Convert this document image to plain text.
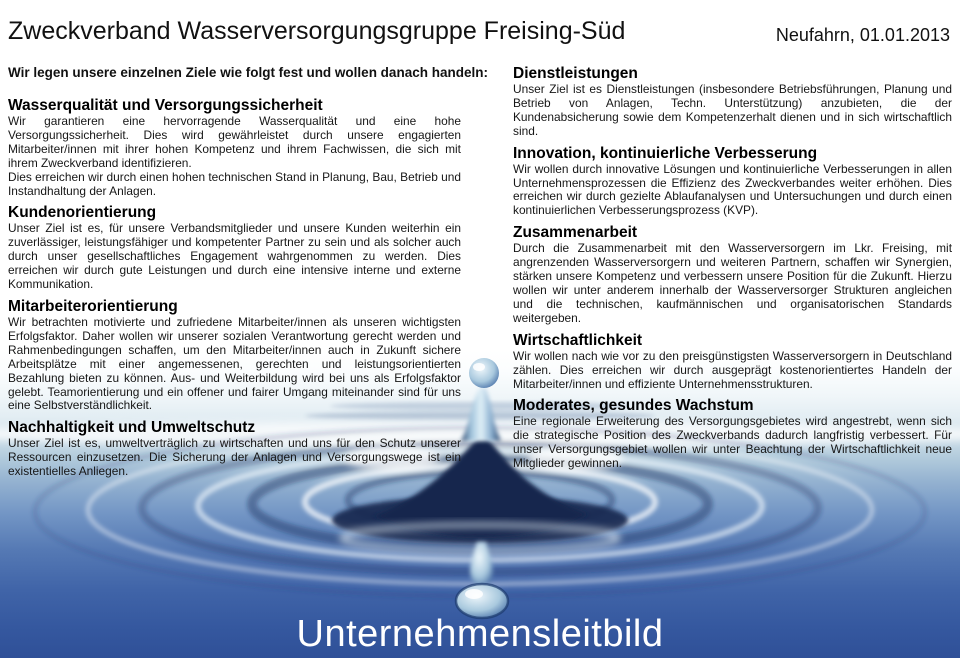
Zweckverband Wasserversorgungsgruppe Freising-Süd	Neufahrn, 01.01.2013
Wir legen unsere einzelnen Ziele wie folgt fest und wollen danach handeln:
Unternehmensleitbild
Wasserqualität und Versorgungssicherheit

Wir garantieren eine hervorragende Wasserqualität und eine hohe Versorgungssicherheit. Dies wird gewährleistet durch unsere engagierten Mitarbeiter/innen mit ihrer hohen Kompetenz und ihrem Fachwissen, die sich mit ihrem Zweckverband identifizieren.

Dies erreichen wir durch einen hohen technischen Stand in Planung, Bau, Betrieb und Instandhaltung der Anlagen.

Kundenorientierung

Unser Ziel ist es, für unsere Verbandsmitglieder und unsere Kunden weiterhin ein zuverlässiger, leistungsfähiger und kompetenter Partner zu sein und als solcher auch durch unser gesellschaftliches Engagement wahrgenommen zu werden. Dies erreichen wir durch gute Leistungen und durch eine intensive interne und externe Kommunikation.

Mitarbeiterorientierung

Wir betrachten motivierte und zufriedene Mitarbeiter/innen als unseren wichtigsten Erfolgsfaktor. Daher wollen wir unserer sozialen Verantwortung gerecht werden und Rahmenbedingungen schaffen, um den Mitarbeiter/innen auch in Zukunft sichere Arbeitsplätze mit einer angemessenen, gerechten und leistungsorientierten Bezahlung bieten zu können. Aus- und Weiterbildung wird bei uns als Erfolgsfaktor gelebt. Teamorientierung und ein offener und fairer Umgang miteinander sind für uns eine Selbstverständlichkeit.

Nachhaltigkeit und Umweltschutz

Unser Ziel ist es, umweltverträglich zu wirtschaften und uns für den Schutz unserer Ressourcen einzusetzen. Die Sicherung der Anlagen und Versorgungswege ist ein existentielles Anliegen.

Dienstleistungen

Unser Ziel ist es Dienstleistungen (insbesondere Betriebsführungen, Planung und Betrieb von Anlagen, Techn. Unterstützung) anzubieten, die der Kundenabsicherung sowie dem Kompetenzerhalt dienen und in sich wirtschaftlich sind.

Innovation, kontinuierliche Verbesserung

Wir wollen durch innovative Lösungen und kontinuierliche Verbesserungen in allen Unternehmensprozessen die Effizienz des Zweckverbandes weiter erhöhen. Dies erreichen wir durch gezielte Ablaufanalysen und Untersuchungen und durch einen kontinuierlichen Verbesserungsprozess (KVP).

Zusammenarbeit

Durch die Zusammenarbeit mit den Wasserversorgern im Lkr. Freising, mit angrenzenden Wasserversorgern und weiteren Partnern, schaffen wir Synergien, stärken unsere Kompetenz und verbessern unsere Position für die Zukunft. Hierzu wollen wir unter anderem innerhalb der Wasserversorger Strukturen angleichen und die technischen, kaufmännischen und organisatorischen Standards weitergeben.

Wirtschaftlichkeit

Wir wollen nach wie vor zu den preisgünstigsten Wasserversorgern in Deutschland zählen. Dies erreichen wir durch ausgeprägt kostenorientiertes Handeln der Mitarbeiter/innen und effiziente Unternehmensstrukturen.

Moderates, gesundes Wachstum

Eine regionale Erweiterung des Versorgungsgebietes wird angestrebt, wenn sich die strategische Position des Zweckverbands dadurch langfristig verbessert. Für unser Versorgungsgebiet wollen wir unter Beachtung der Wirtschaftlichkeit neue Mitglieder gewinnen.
